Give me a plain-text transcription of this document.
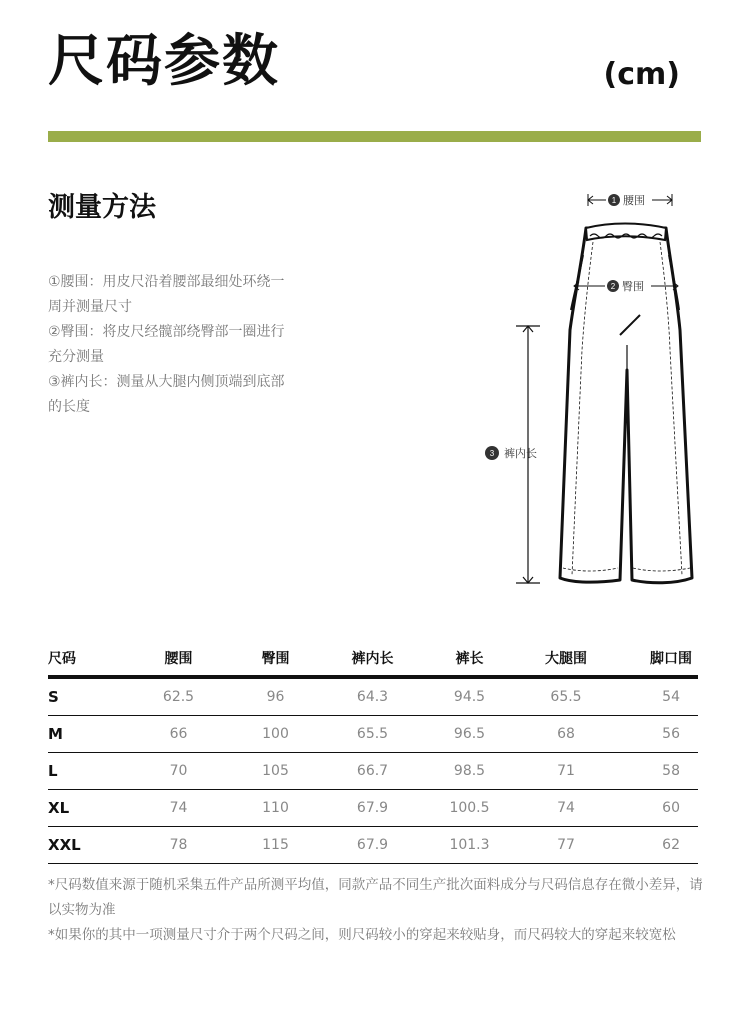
尺码参数	(cm)
测量方法

①腰围：用皮尺沿着腰部最细处环绕一周并测量尺寸

②臀围：将皮尺经髋部绕臀部一圈进行充分测量

③裤内长：测量从大腿内侧顶端到底部的长度

1 腰围
2 臀围
3 裤内长
尺码	腰围	臀围	裤内长	裤长	大腿围	脚口围
S	62.5	96	64.3	94.5	65.5	54
M	66	100	65.5	96.5	68	56
L	70	105	66.7	98.5	71	58
XL	74	110	67.9	100.5	74	60
XXL	78	115	67.9	101.3	77	62

*尺码数值来源于随机采集五件产品所测平均值，同款产品不同生产批次面料成分与尺码信息存在微小差异，请以实物为准

*如果你的其中一项测量尺寸介于两个尺码之间，则尺码较小的穿起来较贴身，而尺码较大的穿起来较宽松
